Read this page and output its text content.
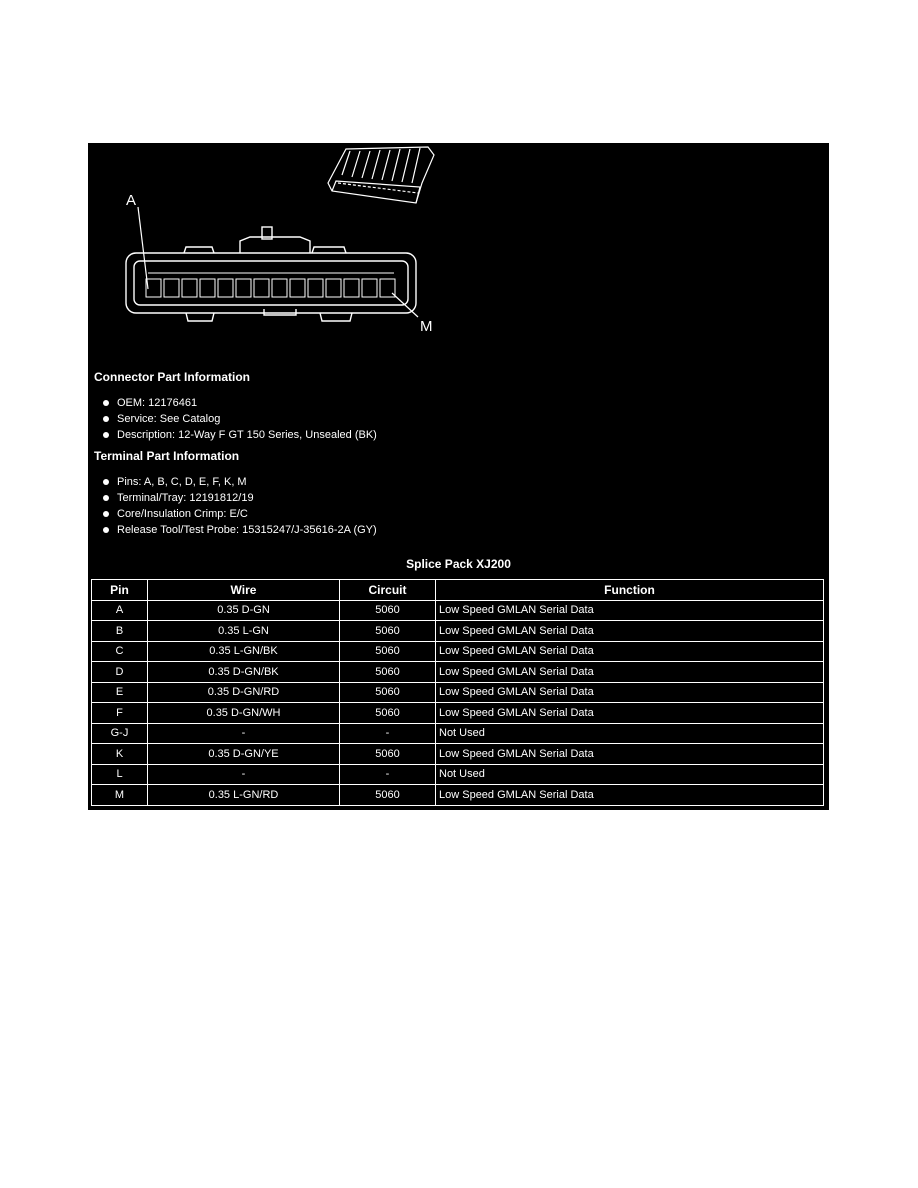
A
M
Connector Part Information
OEM: 12176461
Service: See Catalog
Description: 12-Way F GT 150 Series, Unsealed (BK)
Terminal Part Information
Pins: A, B, C, D, E, F, K, M
Terminal/Tray: 12191812/19
Core/Insulation Crimp: E/C
Release Tool/Test Probe: 15315247/J-35616-2A (GY)
Splice Pack XJ200
Pin	Wire	Circuit	Function
A	0.35 D-GN	5060	Low Speed GMLAN Serial Data
B	0.35 L-GN	5060	Low Speed GMLAN Serial Data
C	0.35 L-GN/BK	5060	Low Speed GMLAN Serial Data
D	0.35 D-GN/BK	5060	Low Speed GMLAN Serial Data
E	0.35 D-GN/RD	5060	Low Speed GMLAN Serial Data
F	0.35 D-GN/WH	5060	Low Speed GMLAN Serial Data
G-J	-	-	Not Used
K	0.35 D-GN/YE	5060	Low Speed GMLAN Serial Data
L	-	-	Not Used
M	0.35 L-GN/RD	5060	Low Speed GMLAN Serial Data
